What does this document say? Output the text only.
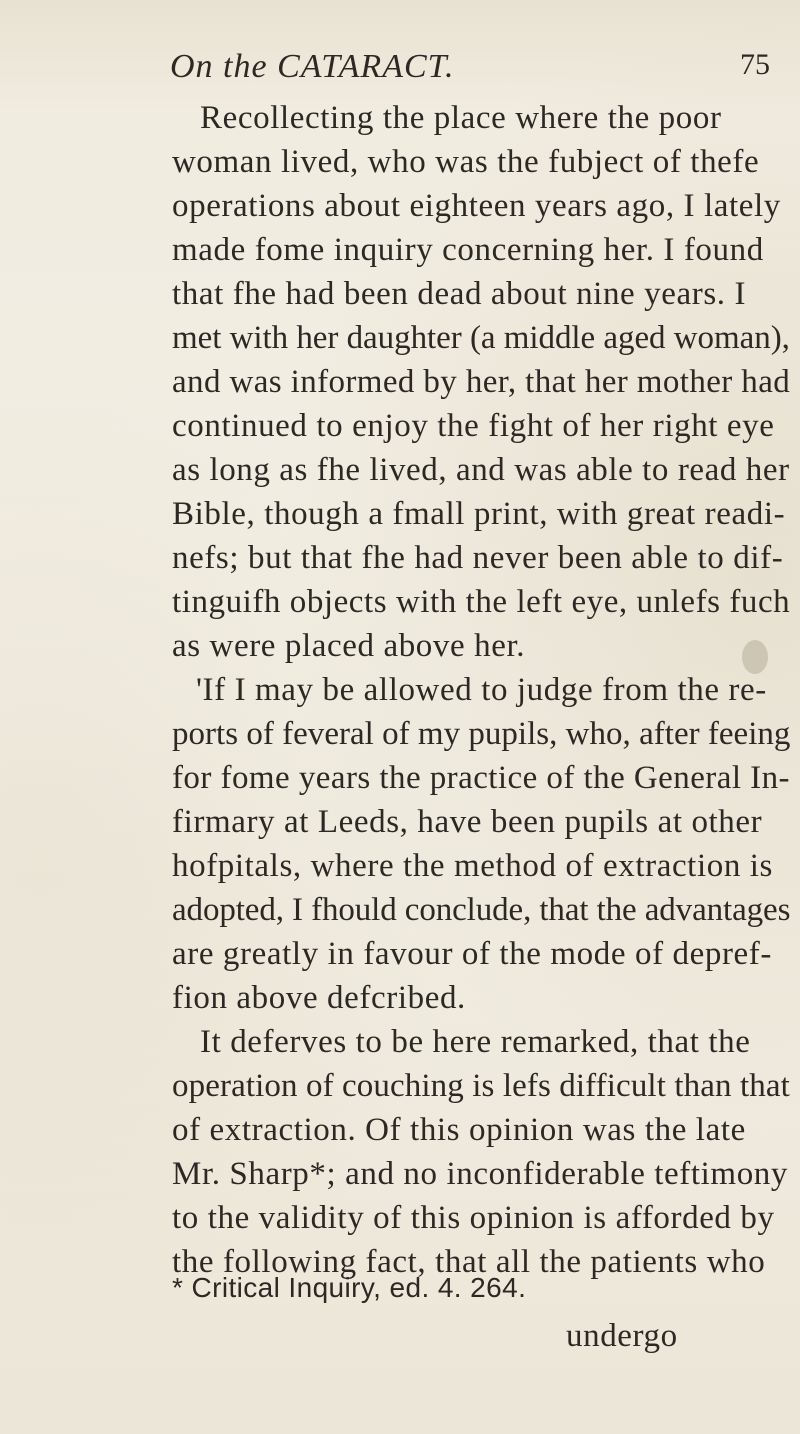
On the CATARACT.	75
Recollecting the place where the poor
woman lived, who was the fubject of thefe
operations about eighteen years ago, I lately
made fome inquiry concerning her. I found
that fhe had been dead about nine years. I
met with her daughter (a middle aged woman),
and was informed by her, that her mother had
continued to enjoy the fight of her right eye
as long as fhe lived, and was able to read her
Bible, though a fmall print, with great readi-
nefs; but that fhe had never been able to dif-
tinguifh objects with the left eye, unlefs fuch
as were placed above her.
'If I may be allowed to judge from the re-
ports of feveral of my pupils, who, after feeing
for fome years the practice of the General In-
firmary at Leeds, have been pupils at other
hofpitals, where the method of extraction is
adopted, I fhould conclude, that the advantages
are greatly in favour of the mode of depref-
fion above defcribed.
It deferves to be here remarked, that the
operation of couching is lefs difficult than that
of extraction. Of this opinion was the late
Mr. Sharp*; and no inconfiderable teftimony
to the validity of this opinion is afforded by
the following fact, that all the patients who
* Critical Inquiry, ed. 4. 264.
undergo
